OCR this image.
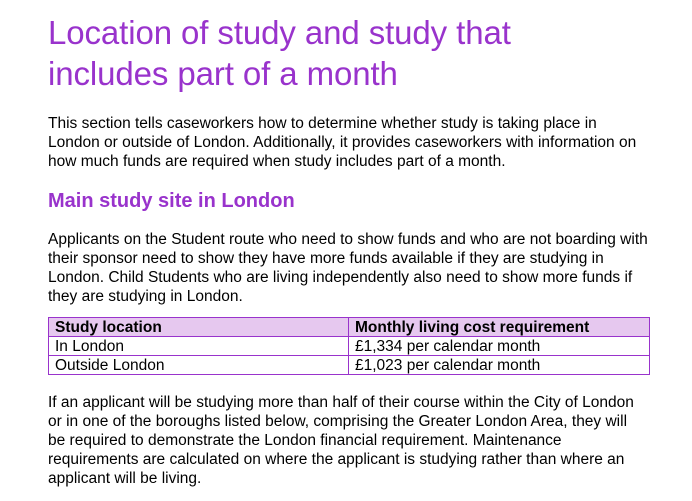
Location of study and study that
includes part of a month

This section tells caseworkers how to determine whether study is taking place in London or outside of London. Additionally, it provides caseworkers with information on how much funds are required when study includes part of a month.

Main study site in London

Applicants on the Student route who need to show funds and who are not boarding with their sponsor need to show they have more funds available if they are studying in London. Child Students who are living independently also need to show more funds if they are studying in London.

Study location	Monthly living cost requirement
In London	£1,334 per calendar month
Outside London	£1,023 per calendar month

If an applicant will be studying more than half of their course within the City of London or in one of the boroughs listed below, comprising the Greater London Area, they will be required to demonstrate the London financial requirement. Maintenance requirements are calculated on where the applicant is studying rather than where an applicant will be living.
